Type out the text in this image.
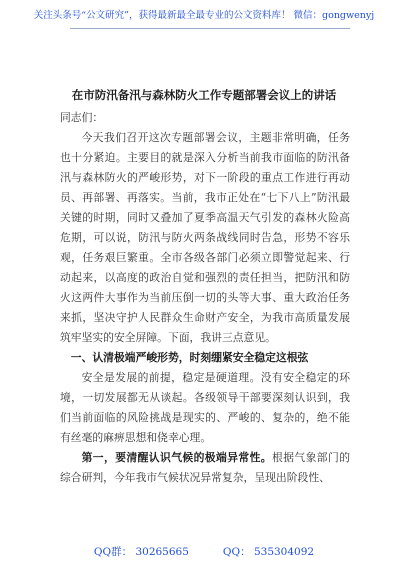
关注头条号“公文研究”，获得最新最全最专业的公文资料库！ 微信：gongwenyj
在市防汛备汛与森林防火工作专题部署会议上的讲话

同志们：

今天我们召开这次专题部署会议，主题非常明确，任务也十分紧迫。主要目的就是深入分析当前我市面临的防汛备汛与森林防火的严峻形势，对下一阶段的重点工作进行再动员、再部署、再落实。当前，我市正处在“七下八上”防汛最关键的时期，同时又叠加了夏季高温天气引发的森林火险高危期，可以说，防汛与防火两条战线同时告急，形势不容乐观，任务艰巨繁重。全市各级各部门必须立即警觉起来、行动起来，以高度的政治自觉和强烈的责任担当，把防汛和防火这两件大事作为当前压倒一切的头等大事、重大政治任务来抓，坚决守护人民群众生命财产安全，为我市高质量发展筑牢坚实的安全屏障。下面，我讲三点意见。

一、认清极端严峻形势，时刻绷紧安全稳定这根弦

安全是发展的前提，稳定是硬道理。没有安全稳定的环境，一切发展都无从谈起。各级领导干部要深刻认识到，我们当前面临的风险挑战是现实的、严峻的、复杂的，绝不能有丝毫的麻痹思想和侥幸心理。

第一，要清醒认识气候的极端异常性。根据气象部门的综合研判，今年我市气候状况异常复杂，呈现出阶段性、

QQ群： 30265665	QQ： 535304092
